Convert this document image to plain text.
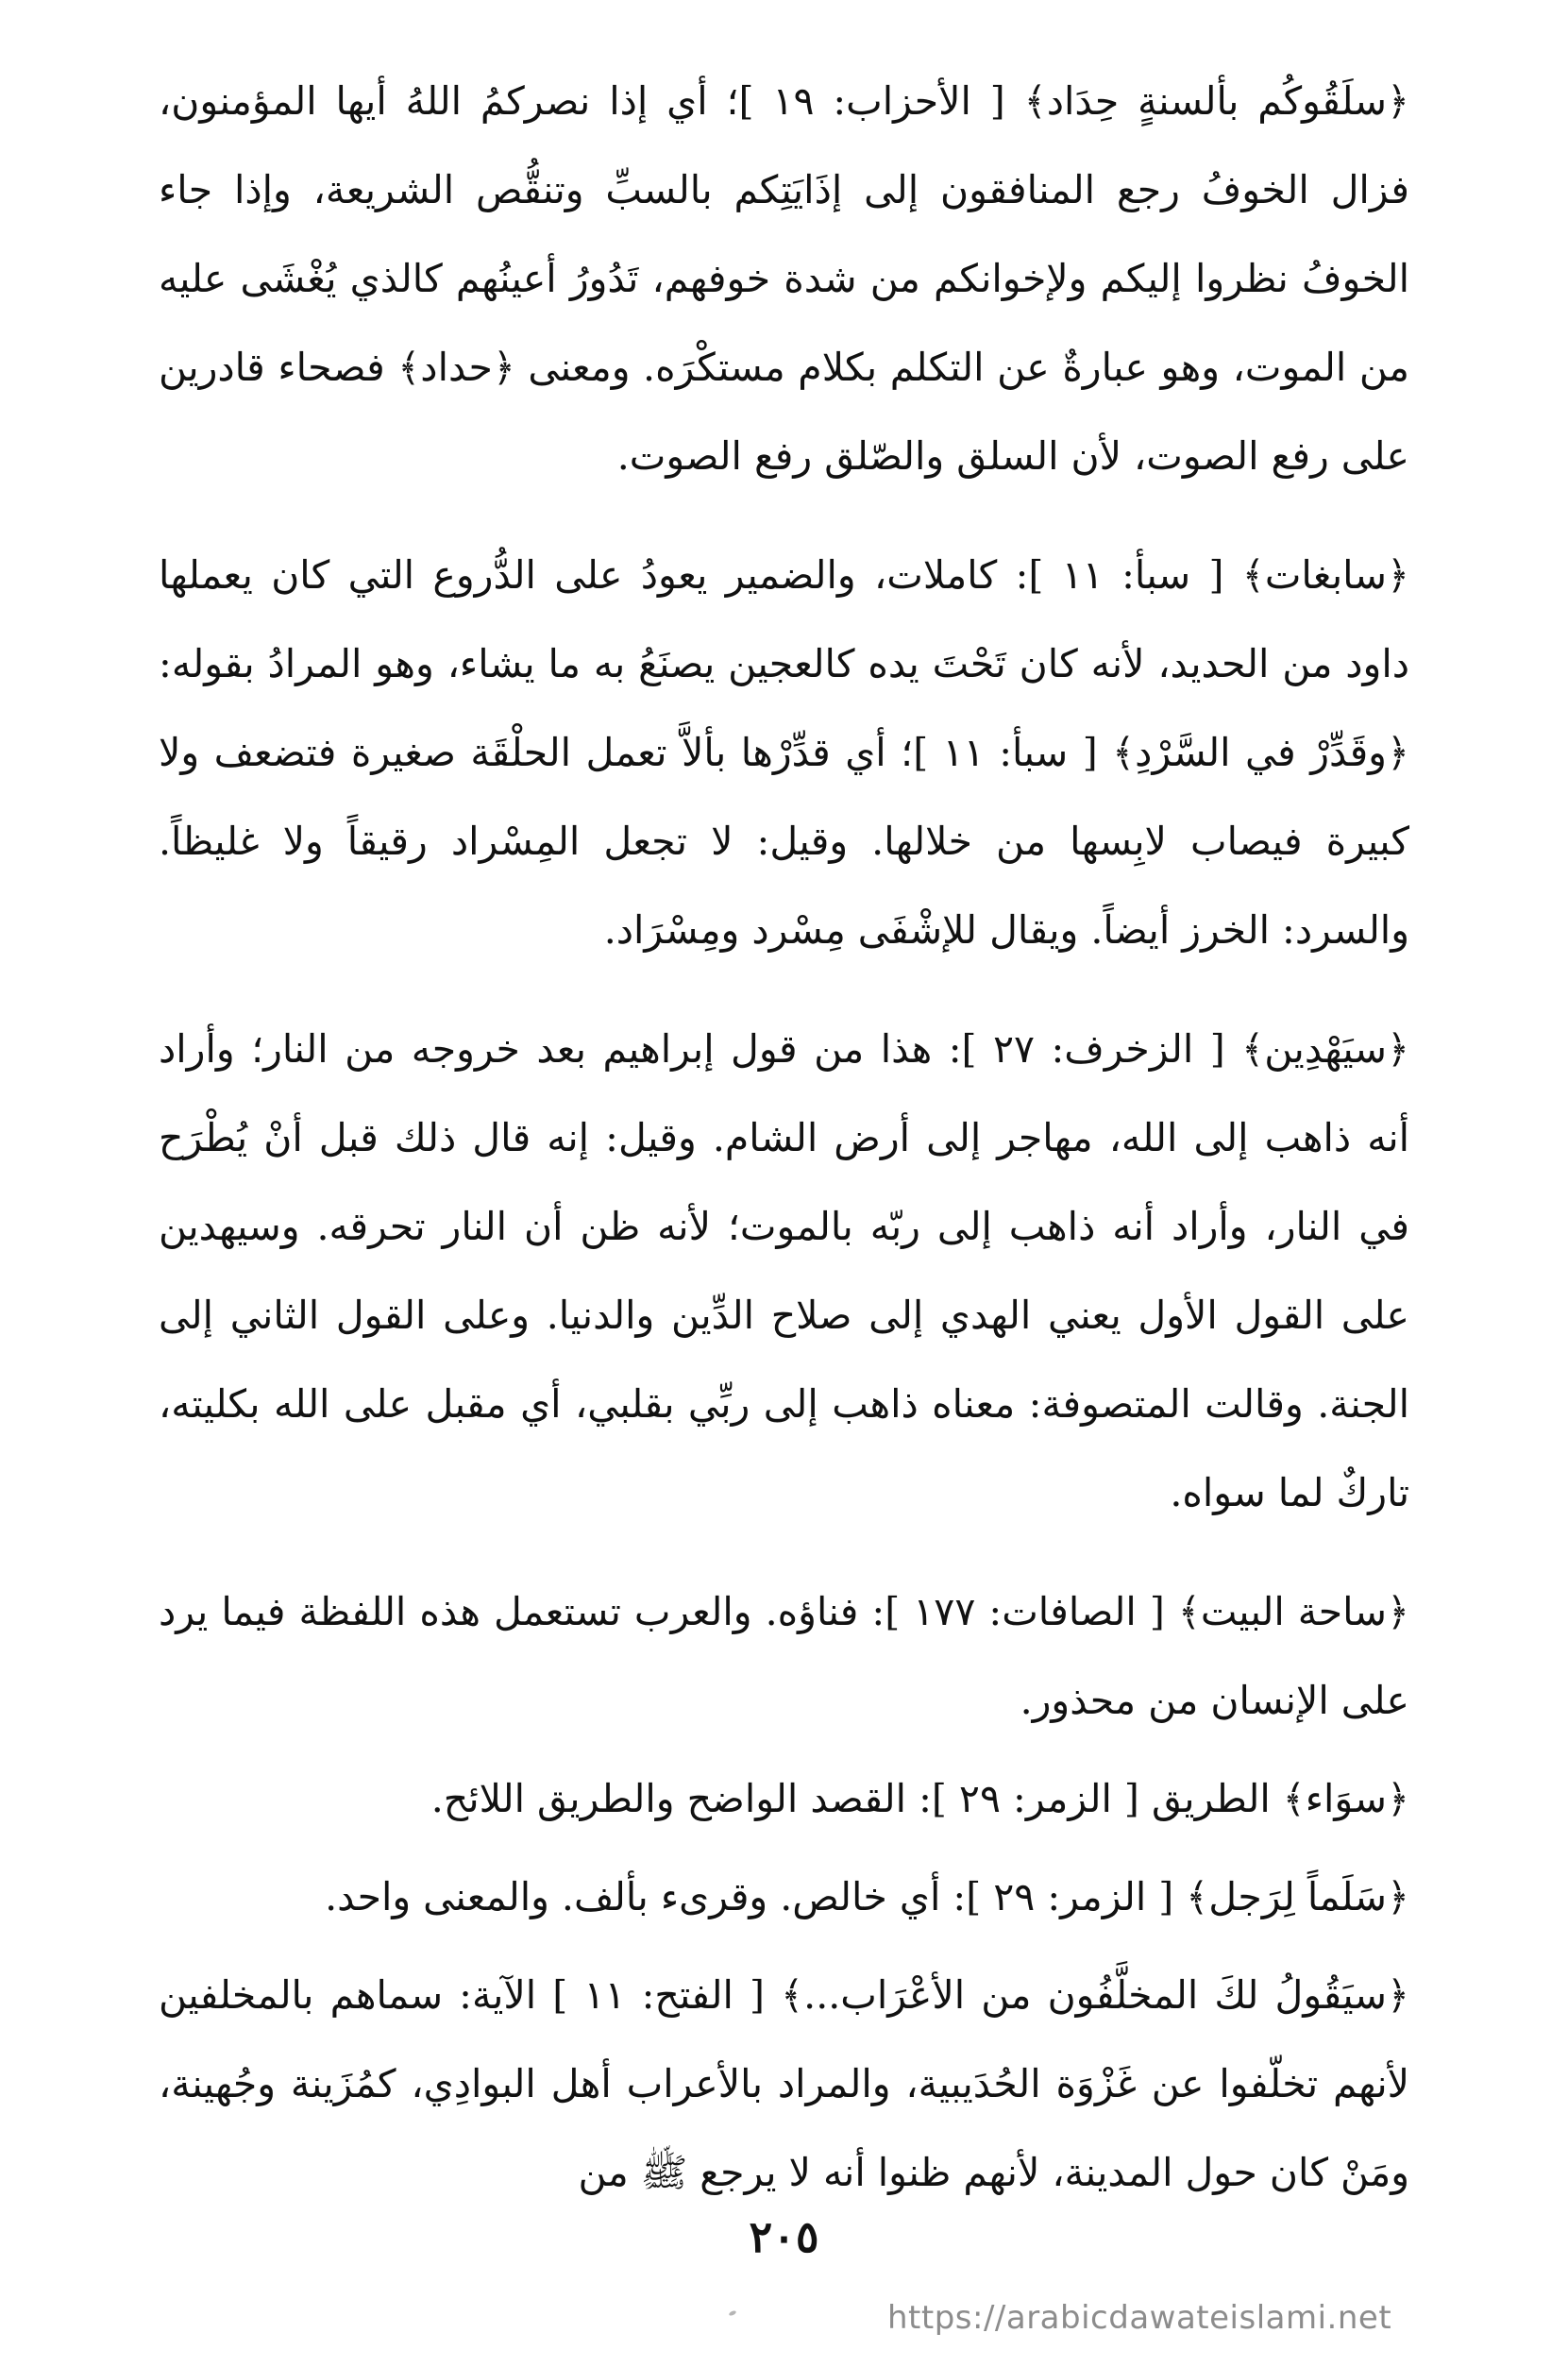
﴿سلَقُوكُم بألسنةٍ حِدَاد﴾ [ الأحزاب: ١٩ ]؛ أي إذا نصركمُ اللهُ أيها المؤمنون، فزال الخوفُ رجع المنافقون إلى إذَايَتِكم بالسبِّ وتنقُّص الشريعة، وإذا جاء الخوفُ نظروا إليكم ولإخوانكم من شدة خوفهم، تَدُورُ أعينُهم كالذي يُغْشَى عليه من الموت، وهو عبارةٌ عن التكلم بكلام مستكْرَه. ومعنى ﴿حداد﴾ فصحاء قادرين على رفع الصوت، لأن السلق والصّلق رفع الصوت.

﴿سابغات﴾ [ سبأ: ١١ ]: كاملات، والضمير يعودُ على الدُّروع التي كان يعملها داود من الحديد، لأنه كان تَحْتَ يده كالعجين يصنَعُ به ما يشاء، وهو المرادُ بقوله: ﴿وقَدِّرْ في السَّرْدِ﴾ [ سبأ: ١١ ]؛ أي قدِّرْها بألاَّ تعمل الحلْقَة صغيرة فتضعف ولا كبيرة فيصاب لابِسها من خلالها. وقيل: لا تجعل المِسْراد رقيقاً ولا غليظاً. والسرد: الخرز أيضاً. ويقال للإشْفَى مِسْرد ومِسْرَاد.

﴿سيَهْدِين﴾ [ الزخرف: ٢٧ ]: هذا من قول إبراهيم بعد خروجه من النار؛ وأراد أنه ذاهب إلى الله، مهاجر إلى أرض الشام. وقيل: إنه قال ذلك قبل أنْ يُطْرَح في النار، وأراد أنه ذاهب إلى ربّه بالموت؛ لأنه ظن أن النار تحرقه. وسيهدين على القول الأول يعني الهدي إلى صلاح الدِّين والدنيا. وعلى القول الثاني إلى الجنة. وقالت المتصوفة: معناه ذاهب إلى ربِّي بقلبي، أي مقبل على الله بكليته، تاركٌ لما سواه.

﴿ساحة البيت﴾ [ الصافات: ١٧٧ ]: فناؤه. والعرب تستعمل هذه اللفظة فيما يرد على الإنسان من محذور.

﴿سوَاء﴾ الطريق [ الزمر: ٢٩ ]: القصد الواضح والطريق اللائح.

﴿سَلَماً لِرَجل﴾ [ الزمر: ٢٩ ]: أي خالص. وقرىء بألف. والمعنى واحد.

﴿سيَقُولُ لكَ المخلَّفُون من الأعْرَاب...﴾ [ الفتح: ١١ ] الآية: سماهم بالمخلفين لأنهم تخلّفوا عن غَزْوَة الحُدَيبية، والمراد بالأعراب أهل البوادِي، كمُزَينة وجُهينة، ومَنْ كان حول المدينة، لأنهم ظنوا أنه لا يرجع ﷺ من

٢٠٥
https://arabicdawateislami.net
